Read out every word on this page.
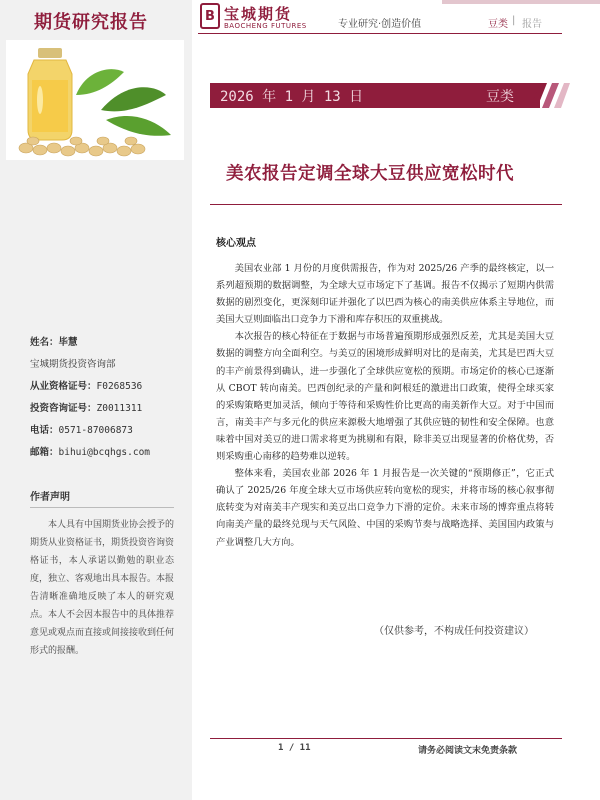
期货研究报告
姓名：毕慧
宝城期货投资咨询部
从业资格证号：F0268536
投资咨询证号：Z0011311
电话：0571-87006873
邮箱：bihui@bcqhgs.com
作者声明
本人具有中国期货业协会授予的期货从业资格证书，期货投资咨询资格证书，本人承诺以勤勉的职业态度，独立、客观地出具本报告。本报告清晰准确地反映了本人的研究观点。本人不会因本报告中的具体推荐意见或观点而直接或间接接收到任何形式的报酬。
B 宝城期货
BAOCHENG FUTURES	专业研究·创造价值	豆类 | 报告
2026 年 1 月 13 日	豆类
美农报告定调全球大豆供应宽松时代
核心观点

美国农业部 1 月份的月度供需报告，作为对 2025/26 产季的最终核定，以一系列超预期的数据调整，为全球大豆市场定下了基调。报告不仅揭示了短期内供需数据的剧烈变化，更深刻印证并强化了以巴西为核心的南美供应体系主导地位，而美国大豆则面临出口竞争力下滑和库存积压的双重挑战。

本次报告的核心特征在于数据与市场普遍预期形成强烈反差，尤其是美国大豆数据的调整方向全面利空。与美豆的困境形成鲜明对比的是南美，尤其是巴西大豆的丰产前景得到确认，进一步强化了全球供应宽松的预期。市场定价的核心已逐渐从 CBOT 转向南美。巴西创纪录的产量和阿根廷的激进出口政策，使得全球买家的采购策略更加灵活，倾向于等待和采购性价比更高的南美新作大豆。对于中国而言，南美丰产与多元化的供应来源极大地增强了其供应链的韧性和安全保障。也意味着中国对美豆的进口需求将更为挑剔和有限，除非美豆出现显著的价格优势，否则采购重心南移的趋势难以逆转。

整体来看，美国农业部 2026 年 1 月报告是一次关键的“预期修正”，它正式确认了 2025/26 年度全球大豆市场供应转向宽松的现实，并将市场的核心叙事彻底转变为对南美丰产现实和美豆出口竞争力下滑的定价。未来市场的博弈重点将转向南美产量的最终兑现与天气风险、中国的采购节奏与战略选择、美国国内政策与产业调整几大方向。

（仅供参考，不构成任何投资建议）
1 / 11	请务必阅读文末免责条款
